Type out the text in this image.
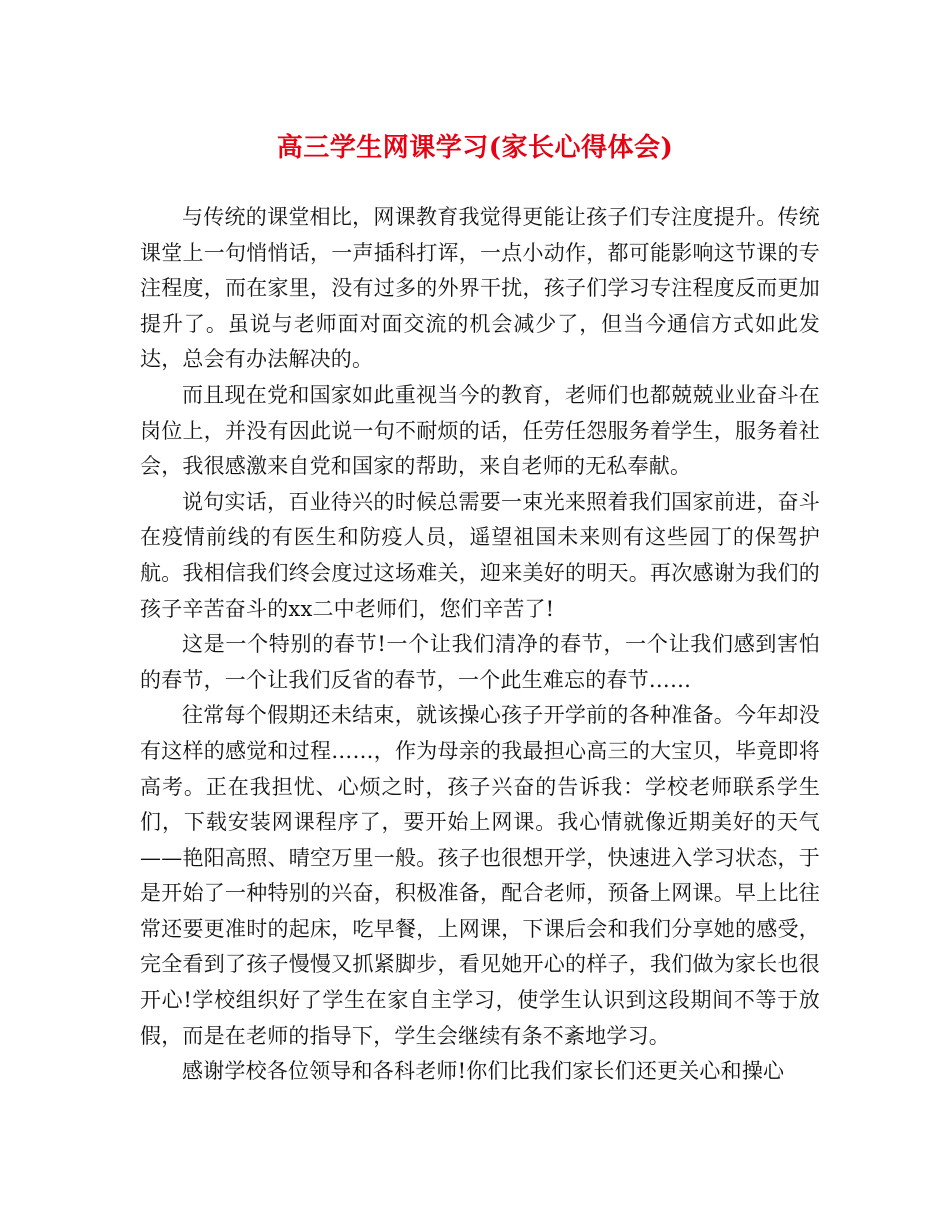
高三学生网课学习(家长心得体会)

与传统的课堂相比，网课教育我觉得更能让孩子们专注度提升。传统课堂上一句悄悄话，一声插科打诨，一点小动作，都可能影响这节课的专注程度，而在家里，没有过多的外界干扰，孩子们学习专注程度反而更加提升了。虽说与老师面对面交流的机会减少了，但当今通信方式如此发达，总会有办法解决的。

而且现在党和国家如此重视当今的教育，老师们也都兢兢业业奋斗在岗位上，并没有因此说一句不耐烦的话，任劳任怨服务着学生，服务着社会，我很感激来自党和国家的帮助，来自老师的无私奉献。

说句实话，百业待兴的时候总需要一束光来照着我们国家前进，奋斗在疫情前线的有医生和防疫人员，遥望祖国未来则有这些园丁的保驾护航。我相信我们终会度过这场难关，迎来美好的明天。再次感谢为我们的孩子辛苦奋斗的xx二中老师们，您们辛苦了!

这是一个特别的春节!一个让我们清净的春节，一个让我们感到害怕的春节，一个让我们反省的春节，一个此生难忘的春节……

往常每个假期还未结束，就该操心孩子开学前的各种准备。今年却没有这样的感觉和过程……，作为母亲的我最担心高三的大宝贝，毕竟即将高考。正在我担忧、心烦之时，孩子兴奋的告诉我：学校老师联系学生们，下载安装网课程序了，要开始上网课。我心情就像近期美好的天气——艳阳高照、晴空万里一般。孩子也很想开学，快速进入学习状态，于是开始了一种特别的兴奋，积极准备，配合老师，预备上网课。早上比往常还要更准时的起床，吃早餐，上网课，下课后会和我们分享她的感受，完全看到了孩子慢慢又抓紧脚步，看见她开心的样子，我们做为家长也很开心!学校组织好了学生在家自主学习，使学生认识到这段期间不等于放假，而是在老师的指导下，学生会继续有条不紊地学习。

感谢学校各位领导和各科老师!你们比我们家长们还更关心和操心
